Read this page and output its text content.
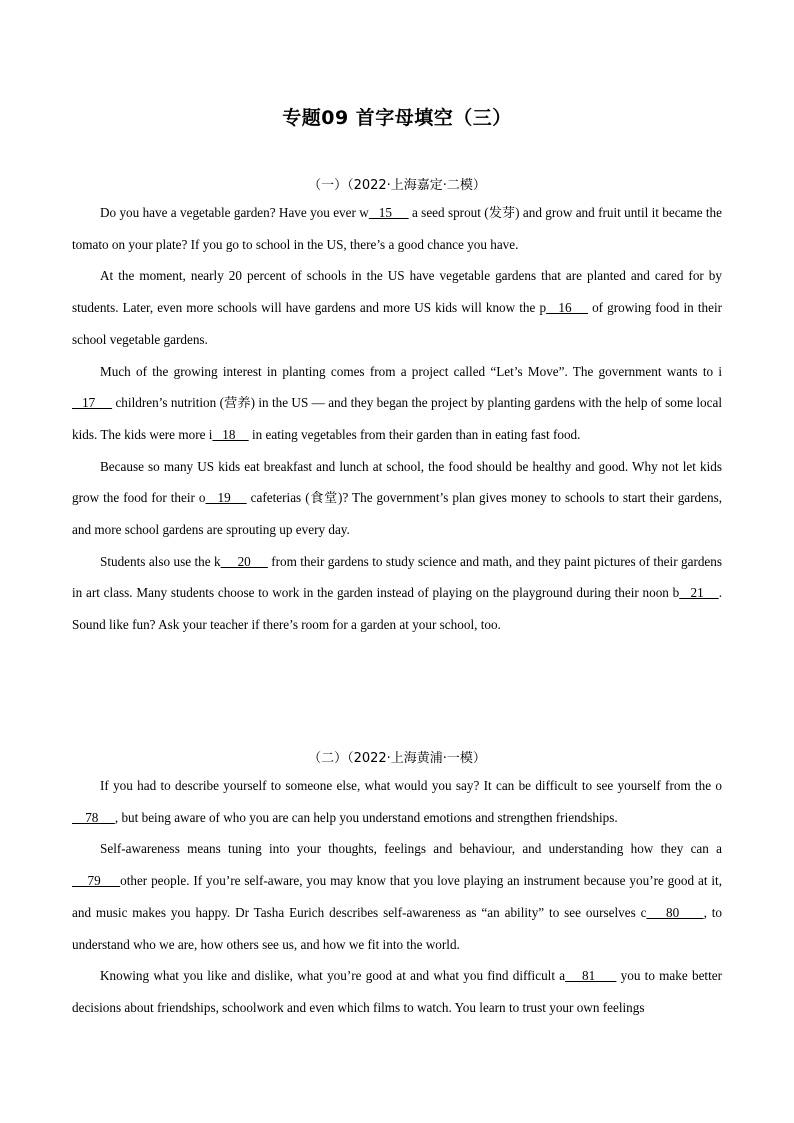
专题09 首字母填空（三）
（一）（2022·上海嘉定·二模）

Do you have a vegetable garden? Have you ever w   15      a seed sprout (发芽) and grow and fruit until it became the tomato on your plate? If you go to school in the US, there’s a good chance you have.

At the moment, nearly 20 percent of schools in the US have vegetable gardens that are planted and cared for by students. Later, even more schools will have gardens and more US kids will know the p   16     of growing food in their school vegetable gardens.

Much of the growing interest in planting comes from a project called “Let’s Move”. The government wants to i   17      children’s nutrition (营养) in the US — and they began the project by planting gardens with the help of some local kids. The kids were more i   18     in eating vegetables from their garden than in eating fast food.

Because so many US kids eat breakfast and lunch at school, the food should be healthy and good. Why not let kids grow the food for their o   19     cafeterias (食堂)? The government’s plan gives money to schools to start their gardens, and more school gardens are sprouting up every day.

Students also use the k     20      from their gardens to study science and math, and they paint pictures of their gardens in art class. Many students choose to work in the garden instead of playing on the playground during their noon b   21    . Sound like fun? Ask your teacher if there’s room for a garden at your school, too.

（二）（2022·上海黄浦·一模）

If you had to describe yourself to someone else, what would you say? It can be difficult to see yourself from the o    78     , but being aware of who you are can help you understand emotions and strengthen friendships.

Self-awareness means tuning into your thoughts, feelings and behaviour, and understanding how they can a    79     other people. If you’re self-aware, you may know that you love playing an instrument because you’re good at it, and music makes you happy. Dr Tasha Eurich describes self-awareness as “an ability” to see ourselves c    80     , to understand who we are, how others see us, and how we fit into the world.

Knowing what you like and dislike, what you’re good at and what you find difficult a    81      you to make better decisions about friendships, schoolwork and even which films to watch. You learn to trust your own feelings
